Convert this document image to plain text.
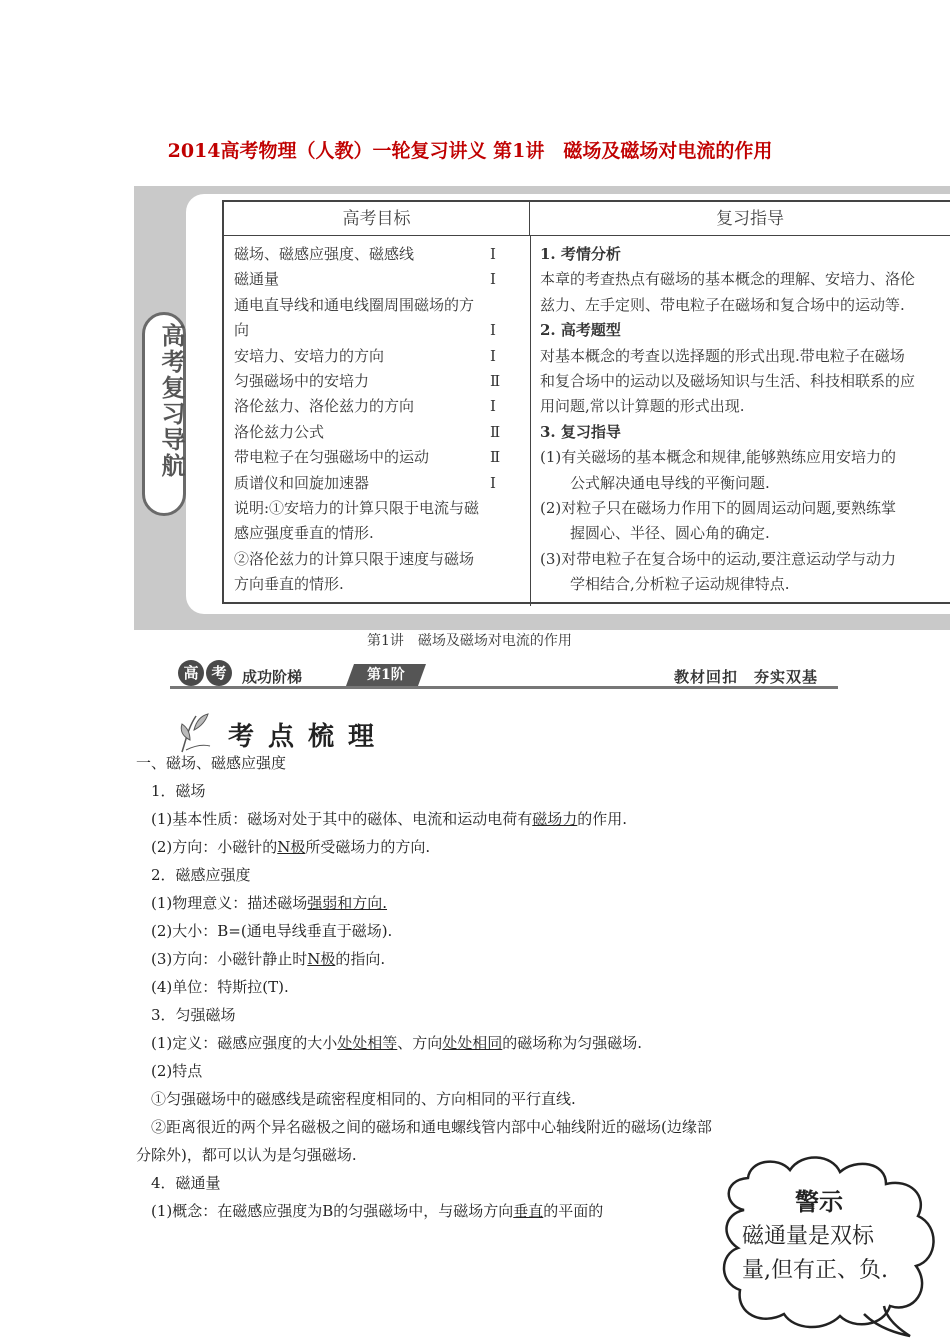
2014高考物理（人教）一轮复习讲义 第1讲　磁场及磁场对电流的作用
高考复习导航
高考目标	复习指导
磁场、磁感应强度、磁感线	Ⅰ
磁通量	Ⅰ
通电直导线和通电线圈周围磁场的方
向	Ⅰ
安培力、安培力的方向	Ⅰ
匀强磁场中的安培力	Ⅱ
洛伦兹力、洛伦兹力的方向	Ⅰ
洛伦兹力公式	Ⅱ
带电粒子在匀强磁场中的运动	Ⅱ
质谱仪和回旋加速器	Ⅰ
说明:①安培力的计算只限于电流与磁
感应强度垂直的情形.
②洛伦兹力的计算只限于速度与磁场
方向垂直的情形.
1. 考情分析
本章的考查热点有磁场的基本概念的理解、安培力、洛伦
兹力、左手定则、带电粒子在磁场和复合场中的运动等.
2. 高考题型
对基本概念的考查以选择题的形式出现.带电粒子在磁场
和复合场中的运动以及磁场知识与生活、科技相联系的应
用问题,常以计算题的形式出现.
3. 复习指导
(1)有关磁场的基本概念和规律,能够熟练应用安培力的
公式解决通电导线的平衡问题.
(2)对粒子只在磁场力作用下的圆周运动问题,要熟练掌
握圆心、半径、圆心角的确定.
(3)对带电粒子在复合场中的运动,要注意运动学与动力
学相结合,分析粒子运动规律特点.
第1讲　磁场及磁场对电流的作用
高 考	成功阶梯	第1阶	教材回扣　夯实双基
考点梳理
一、磁场、磁感应强度
　1．磁场
　(1)基本性质：磁场对处于其中的磁体、电流和运动电荷有磁场力的作用.
　(2)方向：小磁针的N极所受磁场力的方向.
　2．磁感应强度
　(1)物理意义：描述磁场强弱和方向.
　(2)大小：B=(通电导线垂直于磁场).
　(3)方向：小磁针静止时N极的指向.
　(4)单位：特斯拉(T).
　3．匀强磁场
　(1)定义：磁感应强度的大小处处相等、方向处处相同的磁场称为匀强磁场.
　(2)特点
　①匀强磁场中的磁感线是疏密程度相同的、方向相同的平行直线.
　②距离很近的两个异名磁极之间的磁场和通电螺线管内部中心轴线附近的磁场(边缘部
分除外)，都可以认为是匀强磁场.
　4．磁通量
　(1)概念：在磁感应强度为B的匀强磁场中，与磁场方向垂直的平面的	警示
磁通量是双标
量,但有正、负.
